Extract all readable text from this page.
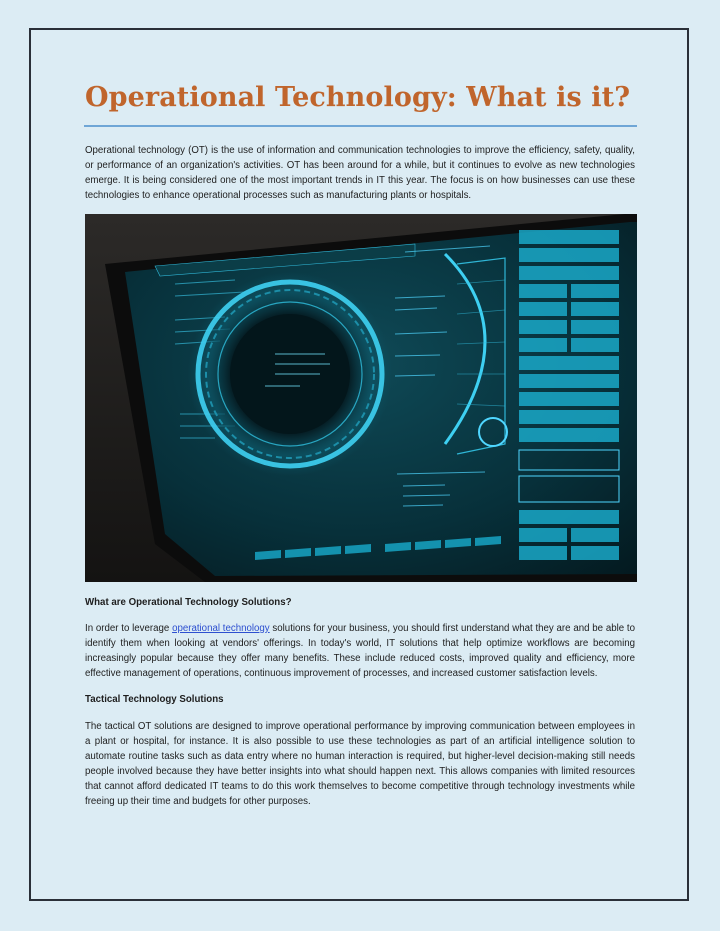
Operational Technology: What is it?

Operational technology (OT) is the use of information and communication technologies to improve the efficiency, safety, quality, or performance of an organization's activities. OT has been around for a while, but it continues to evolve as new technologies emerge. It is being considered one of the most important trends in IT this year. The focus is on how businesses can use these technologies to enhance operational processes such as manufacturing plants or hospitals.

What are Operational Technology Solutions?

In order to leverage operational technology solutions for your business, you should first understand what they are and be able to identify them when looking at vendors' offerings. In today's world, IT solutions that help optimize workflows are becoming increasingly popular because they offer many benefits. These include reduced costs, improved quality and efficiency, more effective management of operations, continuous improvement of processes, and increased customer satisfaction levels.

Tactical Technology Solutions

The tactical OT solutions are designed to improve operational performance by improving communication between employees in a plant or hospital, for instance. It is also possible to use these technologies as part of an artificial intelligence solution to automate routine tasks such as data entry where no human interaction is required, but higher-level decision-making still needs people involved because they have better insights into what should happen next. This allows companies with limited resources that cannot afford dedicated IT teams to do this work themselves to become competitive through technology investments while freeing up their time and budgets for other purposes.
